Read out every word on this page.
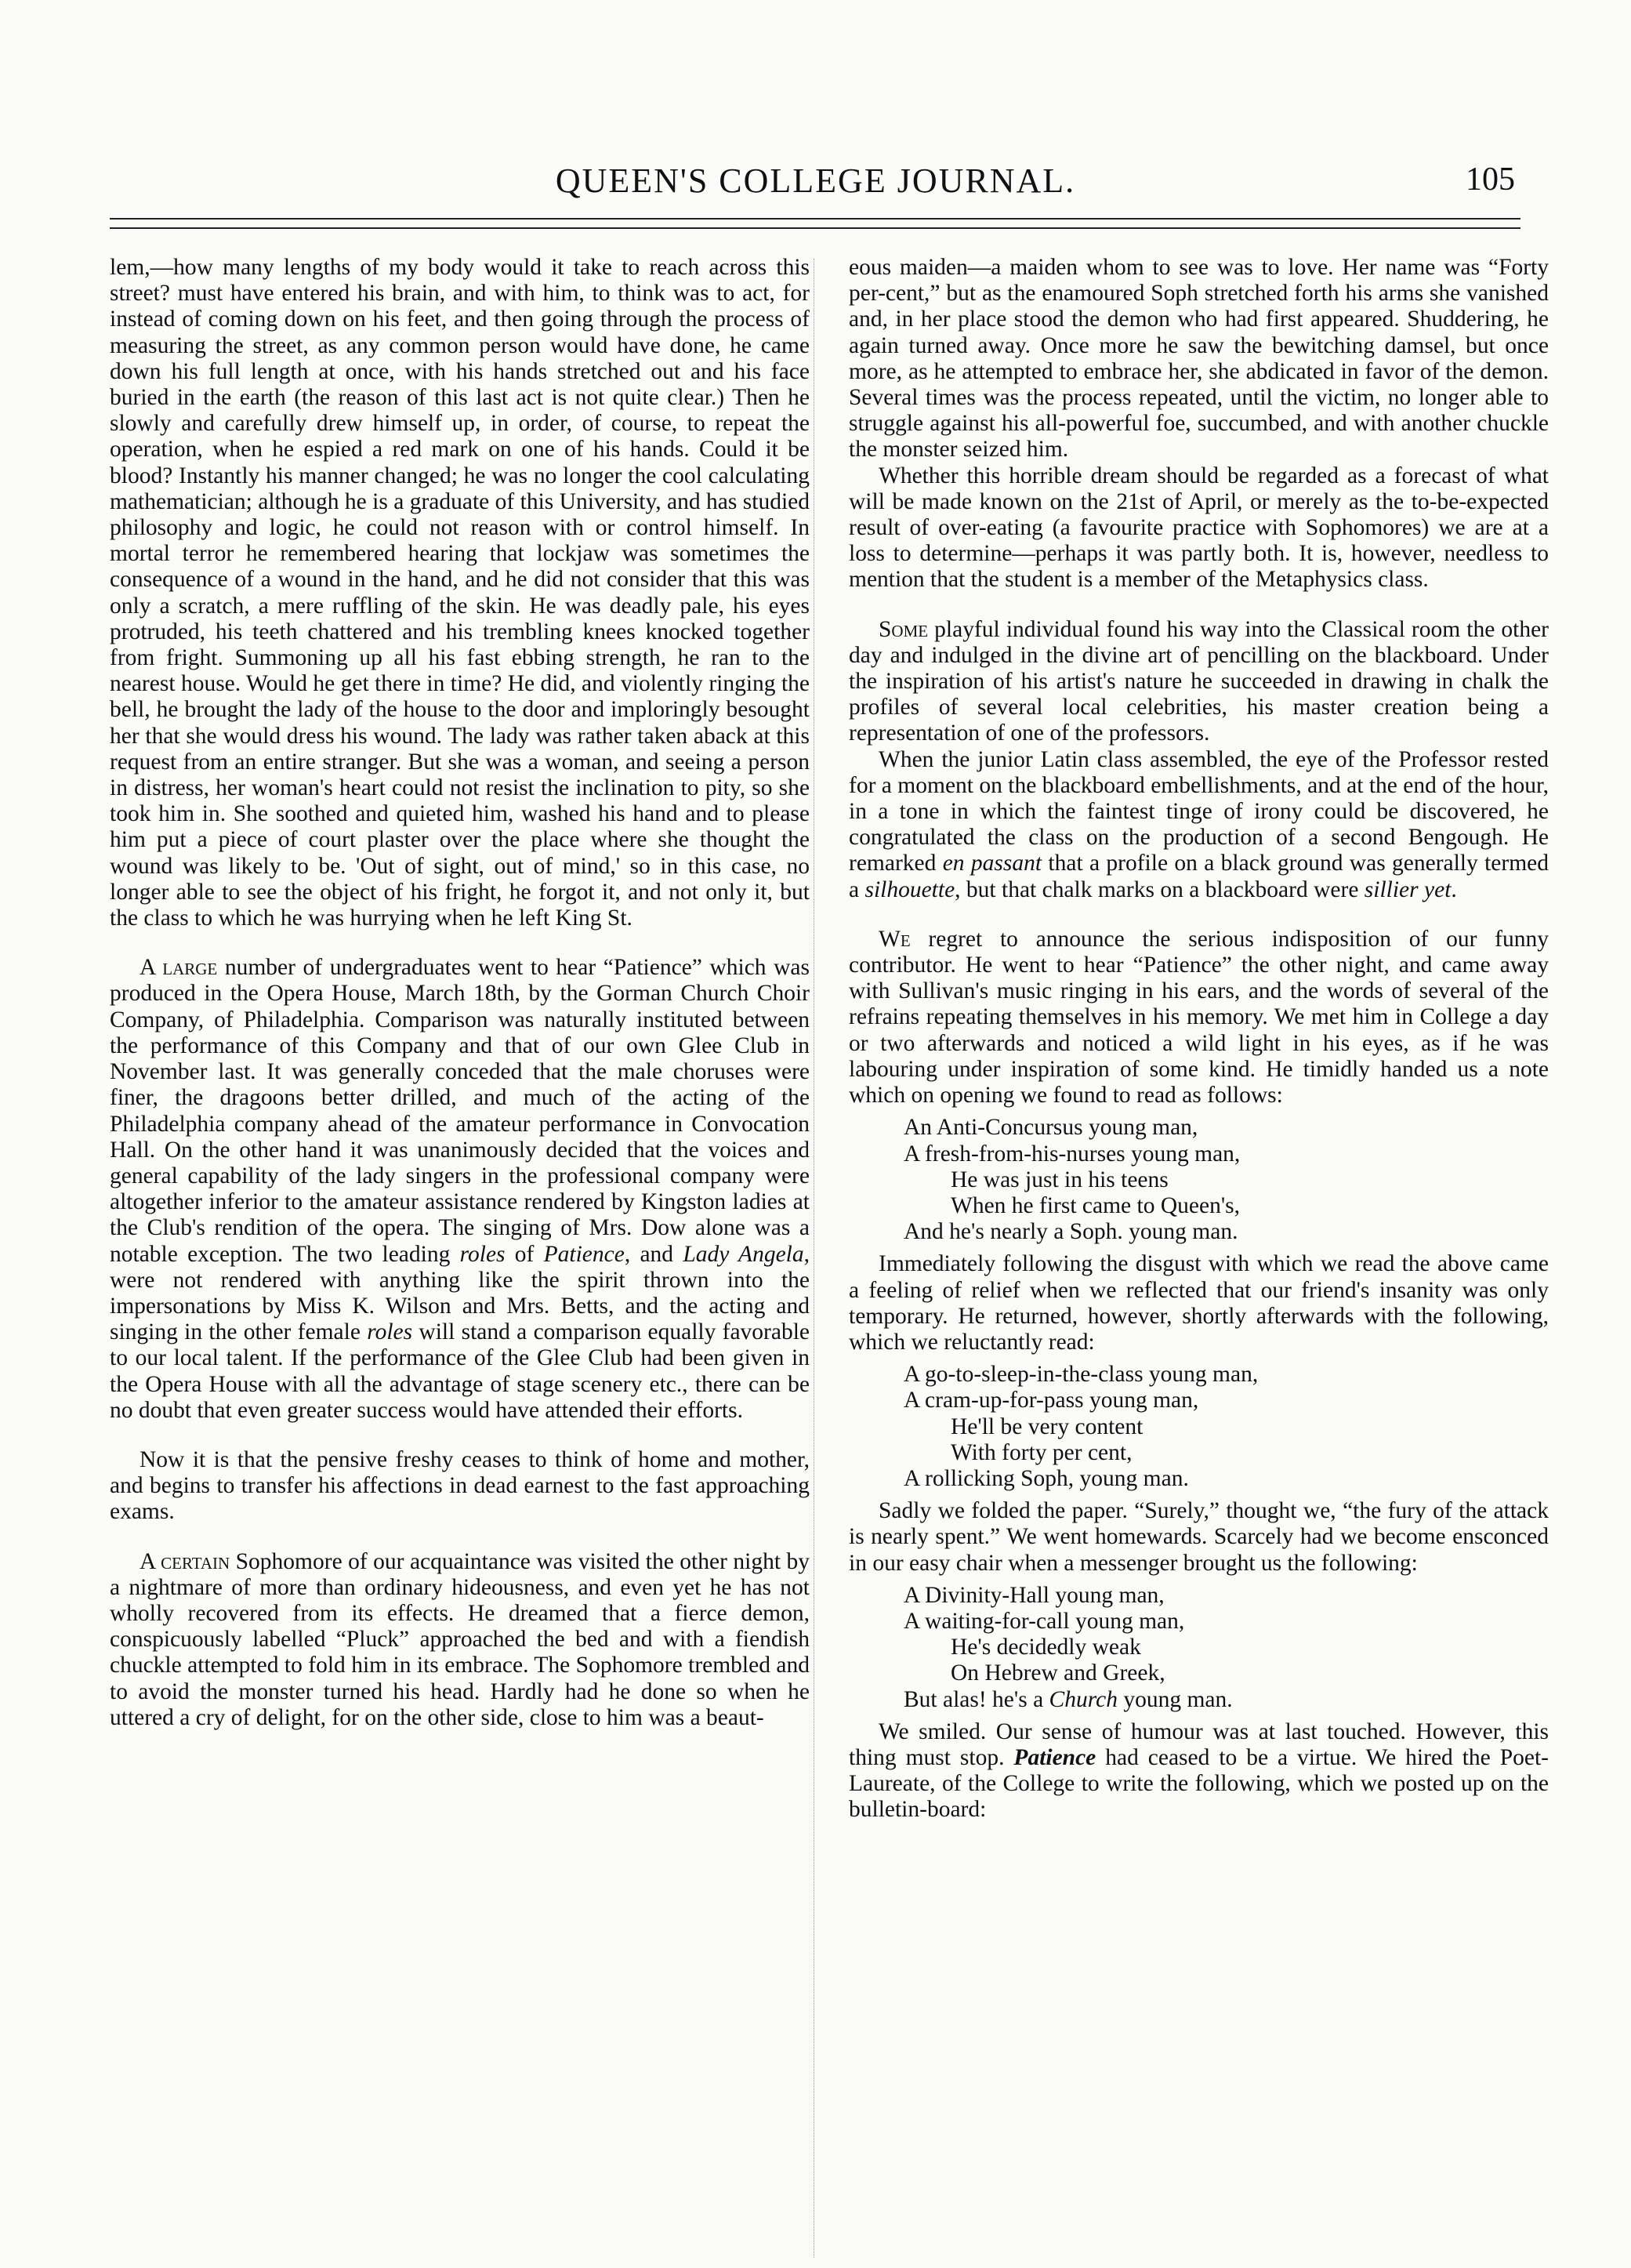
QUEEN'S COLLEGE JOURNAL.	105

lem,—how many lengths of my body would it take to reach across this street? must have entered his brain, and with him, to think was to act, for instead of coming down on his feet, and then going through the process of measuring the street, as any common person would have done, he came down his full length at once, with his hands stretched out and his face buried in the earth (the reason of this last act is not quite clear.) Then he slowly and carefully drew himself up, in order, of course, to repeat the operation, when he espied a red mark on one of his hands. Could it be blood? Instantly his manner changed; he was no longer the cool calculating mathematician; although he is a graduate of this University, and has studied philosophy and logic, he could not reason with or control himself. In mortal terror he remembered hearing that lockjaw was sometimes the consequence of a wound in the hand, and he did not consider that this was only a scratch, a mere ruffling of the skin. He was deadly pale, his eyes protruded, his teeth chattered and his trembling knees knocked together from fright. Summoning up all his fast ebbing strength, he ran to the nearest house. Would he get there in time? He did, and violently ringing the bell, he brought the lady of the house to the door and imploringly besought her that she would dress his wound. The lady was rather taken aback at this request from an entire stranger. But she was a woman, and seeing a person in distress, her woman's heart could not resist the inclination to pity, so she took him in. She soothed and quieted him, washed his hand and to please him put a piece of court plaster over the place where she thought the wound was likely to be. 'Out of sight, out of mind,' so in this case, no longer able to see the object of his fright, he forgot it, and not only it, but the class to which he was hurrying when he left King St.

A large number of undergraduates went to hear “Patience” which was produced in the Opera House, March 18th, by the Gorman Church Choir Company, of Philadelphia. Comparison was naturally instituted between the performance of this Company and that of our own Glee Club in November last. It was generally conceded that the male choruses were finer, the dragoons better drilled, and much of the acting of the Philadelphia company ahead of the amateur performance in Convocation Hall. On the other hand it was unanimously decided that the voices and general capability of the lady singers in the professional company were altogether inferior to the amateur assistance rendered by Kingston ladies at the Club's rendition of the opera. The singing of Mrs. Dow alone was a notable exception. The two leading roles of Patience, and Lady Angela, were not rendered with anything like the spirit thrown into the impersonations by Miss K. Wilson and Mrs. Betts, and the acting and singing in the other female roles will stand a comparison equally favorable to our local talent. If the performance of the Glee Club had been given in the Opera House with all the advantage of stage scenery etc., there can be no doubt that even greater success would have attended their efforts.

Now it is that the pensive freshy ceases to think of home and mother, and begins to transfer his affections in dead earnest to the fast approaching exams.

A certain Sophomore of our acquaintance was visited the other night by a nightmare of more than ordinary hideousness, and even yet he has not wholly recovered from its effects. He dreamed that a fierce demon, conspicuously labelled “Pluck” approached the bed and with a fiendish chuckle attempted to fold him in its embrace. The Sophomore trembled and to avoid the monster turned his head. Hardly had he done so when he uttered a cry of delight, for on the other side, close to him was a beaut-

eous maiden—a maiden whom to see was to love. Her name was “Forty per-cent,” but as the enamoured Soph stretched forth his arms she vanished and, in her place stood the demon who had first appeared. Shuddering, he again turned away. Once more he saw the bewitching damsel, but once more, as he attempted to embrace her, she abdicated in favor of the demon. Several times was the process repeated, until the victim, no longer able to struggle against his all-powerful foe, succumbed, and with another chuckle the monster seized him.

Whether this horrible dream should be regarded as a forecast of what will be made known on the 21st of April, or merely as the to-be-expected result of over-eating (a favourite practice with Sophomores) we are at a loss to determine—perhaps it was partly both. It is, however, needless to mention that the student is a member of the Metaphysics class.

Some playful individual found his way into the Classical room the other day and indulged in the divine art of pencilling on the blackboard. Under the inspiration of his artist's nature he succeeded in drawing in chalk the profiles of several local celebrities, his master creation being a representation of one of the professors.

When the junior Latin class assembled, the eye of the Professor rested for a moment on the blackboard embellishments, and at the end of the hour, in a tone in which the faintest tinge of irony could be discovered, he congratulated the class on the production of a second Bengough. He remarked en passant that a profile on a black ground was generally termed a silhouette, but that chalk marks on a blackboard were sillier yet.

We regret to announce the serious indisposition of our funny contributor. He went to hear “Patience” the other night, and came away with Sullivan's music ringing in his ears, and the words of several of the refrains repeating themselves in his memory. We met him in College a day or two afterwards and noticed a wild light in his eyes, as if he was labouring under inspiration of some kind. He timidly handed us a note which on opening we found to read as follows:

An Anti-Concursus young man,
A fresh-from-his-nurses young man,
He was just in his teens
When he first came to Queen's,
And he's nearly a Soph. young man.

Immediately following the disgust with which we read the above came a feeling of relief when we reflected that our friend's insanity was only temporary. He returned, however, shortly afterwards with the following, which we reluctantly read:

A go-to-sleep-in-the-class young man,
A cram-up-for-pass young man,
He'll be very content
With forty per cent,
A rollicking Soph, young man.

Sadly we folded the paper. “Surely,” thought we, “the fury of the attack is nearly spent.” We went homewards. Scarcely had we become ensconced in our easy chair when a messenger brought us the following:

A Divinity-Hall young man,
A waiting-for-call young man,
He's decidedly weak
On Hebrew and Greek,
But alas! he's a Church young man.

We smiled. Our sense of humour was at last touched. However, this thing must stop. Patience had ceased to be a virtue. We hired the Poet-Laureate, of the College to write the following, which we posted up on the bulletin-board:
